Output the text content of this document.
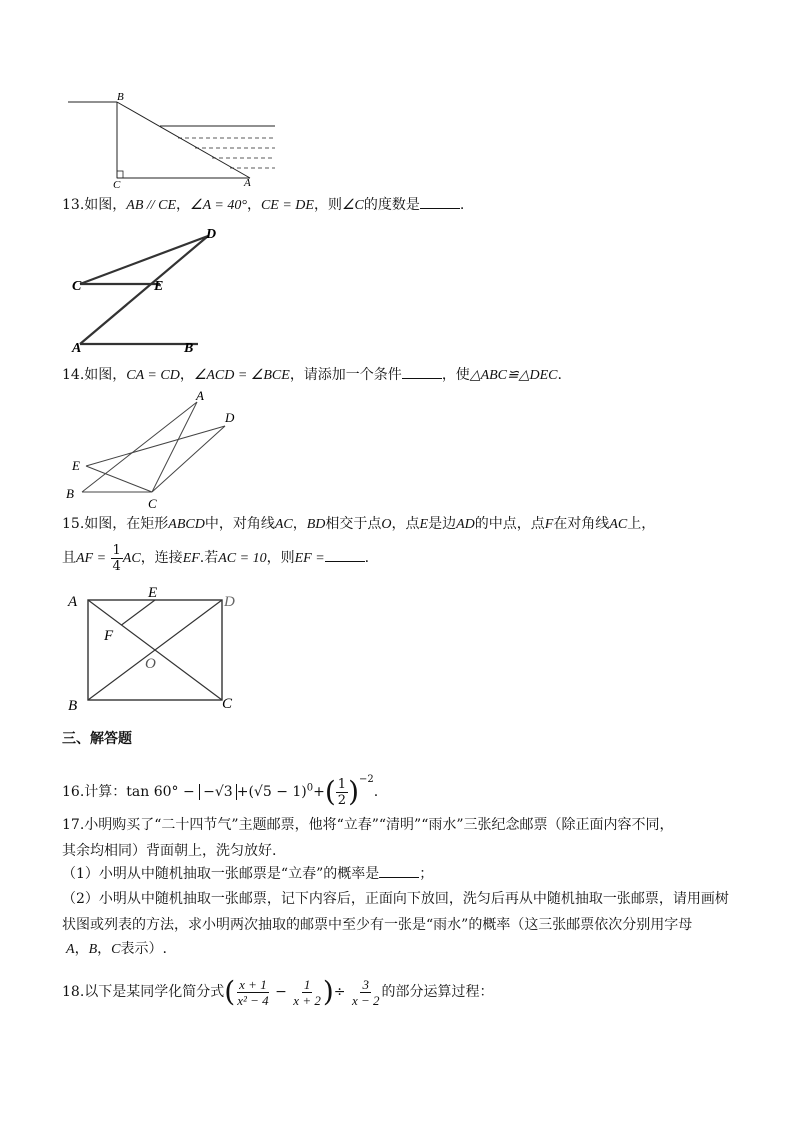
B
C	A
13.如图，AB // CE，∠A = 40°，CE = DE，则∠C的度数是	.
D
C	E
A	B
14.如图，CA = CD，∠ACD = ∠BCE，请添加一个条件	，使△ABC≌△DEC.
A
D
E
B
C
15.如图，在矩形ABCD中，对角线AC，BD相交于点O，点E是边AD的中点，点F在对角线AC上，
且AF = $\frac{1}{4}$ AC，连接EF.若AC = 10，则EF =	.
A
E
D
F
O
B	C
三、解答题
16.计算：$\tan 60^\circ - -√3 +(√5 - 1)^0+( \frac{1}{2} )^{-2}$.
17.小明购买了“二十四节气”主题邮票，他将“立春”“清明”“雨水”三张纪念邮票（除正面内容不同，
其余均相同）背面朝上，洗匀放好.
（1）小明从中随机抽取一张邮票是“立春”的概率是	；
（2）小明从中随机抽取一张邮票，记下内容后，正面向下放回，洗匀后再从中随机抽取一张邮票，请用画树
状图或列表的方法，求小明两次抽取的邮票中至少有一张是“雨水”的概率（这三张邮票依次分别用字母
A，B，C表示）.
18.以下是某同学化简分式( $\frac{x + 1}{\text{x² − 4}} - \frac{1}{x + 2}$ )÷ $\frac{3}{x - 2}$ 的部分运算过程：
